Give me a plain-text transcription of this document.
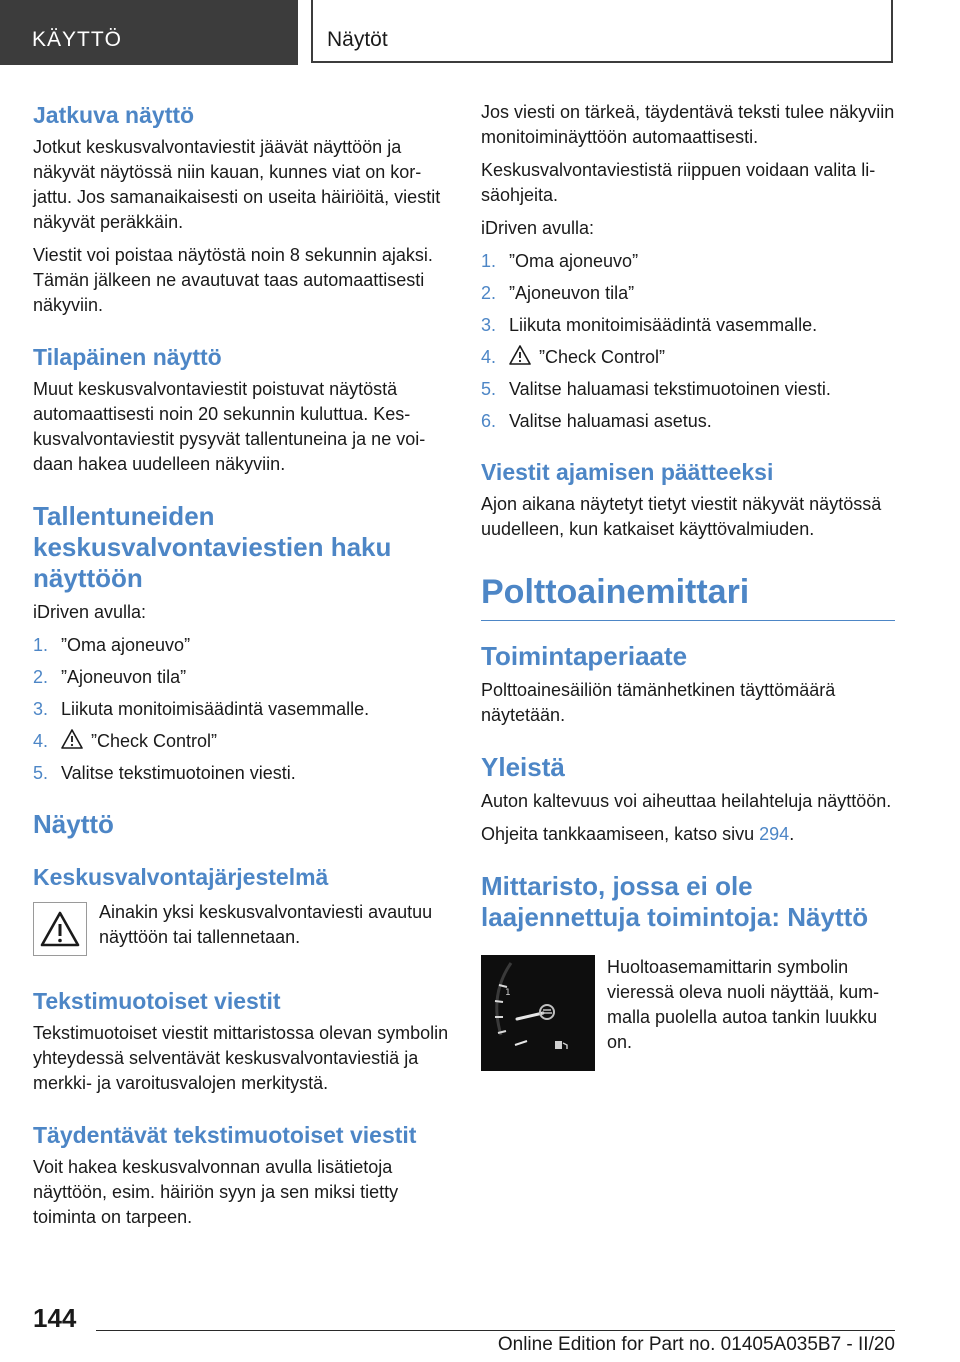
KÄYTTÖ	Näytöt
Jatkuva näyttö

Jotkut keskusvalvontaviestit jäävät näyttöön ja näkyvät näytössä niin kauan, kunnes viat on korjattu. Jos samanaikaisesti on useita häiriöitä, viestit näkyvät peräkkäin.

Viestit voi poistaa näytöstä noin 8 sekunnin ajaksi. Tämän jälkeen ne avautuvat taas automaattisesti näkyviin.

Tilapäinen näyttö

Muut keskusvalvontaviestit poistuvat näytöstä automaattisesti noin 20 sekunnin kuluttua. Keskusvalvontaviestit pysyvät tallentuneina ja ne voidaan hakea uudelleen näkyviin.

Tallentuneiden keskusvalvontaviestien haku näyttöön

iDriven avulla:

1. ”Oma ajoneuvo”
2. ”Ajoneuvon tila”
3. Liikuta monitoimisäädintä vasemmalle.
4. ”Check Control”
5. Valitse tekstimuotoinen viesti.
Näyttö
Keskusvalvontajärjestelmä

Ainakin yksi keskusvalvontaviesti avautuu näyttöön tai tallennetaan.

Tekstimuotoiset viestit

Tekstimuotoiset viestit mittaristossa olevan symbolin yhteydessä selventävät keskusvalvontaviestiä ja merkki- ja varoitusvalojen merkitystä.

Täydentävät tekstimuotoiset viestit

Voit hakea keskusvalvonnan avulla lisätietoja näyttöön, esim. häiriön syyn ja sen miksi tietty toiminta on tarpeen.

Jos viesti on tärkeä, täydentävä teksti tulee näkyviin monitoiminäyttöön automaattisesti.

Keskusvalvontaviestistä riippuen voidaan valita lisäohjeita.

iDriven avulla:

1. ”Oma ajoneuvo”
2. ”Ajoneuvon tila”
3. Liikuta monitoimisäädintä vasemmalle.
4. ”Check Control”
5. Valitse haluamasi tekstimuotoinen viesti.
6. Valitse haluamasi asetus.
Viestit ajamisen päätteeksi

Ajon aikana näytetyt tietyt viestit näkyvät näytössä uudelleen, kun katkaiset käyttövalmiuden.

Polttoainemittari
Toimintaperiaate

Polttoainesäiliön tämänhetkinen täyttömäärä näytetään.

Yleistä

Auton kaltevuus voi aiheuttaa heilahteluja näyttöön.

Ohjeita tankkaamiseen, katso sivu 294.

Mittaristo, jossa ei ole laajennettuja toimintoja: Näyttö
1

Huoltoasemamittarin symbolin vieressä oleva nuoli näyttää, kummalla puolella autoa tankin luukku on.

144
Online Edition for Part no. 01405A035B7 - II/20
